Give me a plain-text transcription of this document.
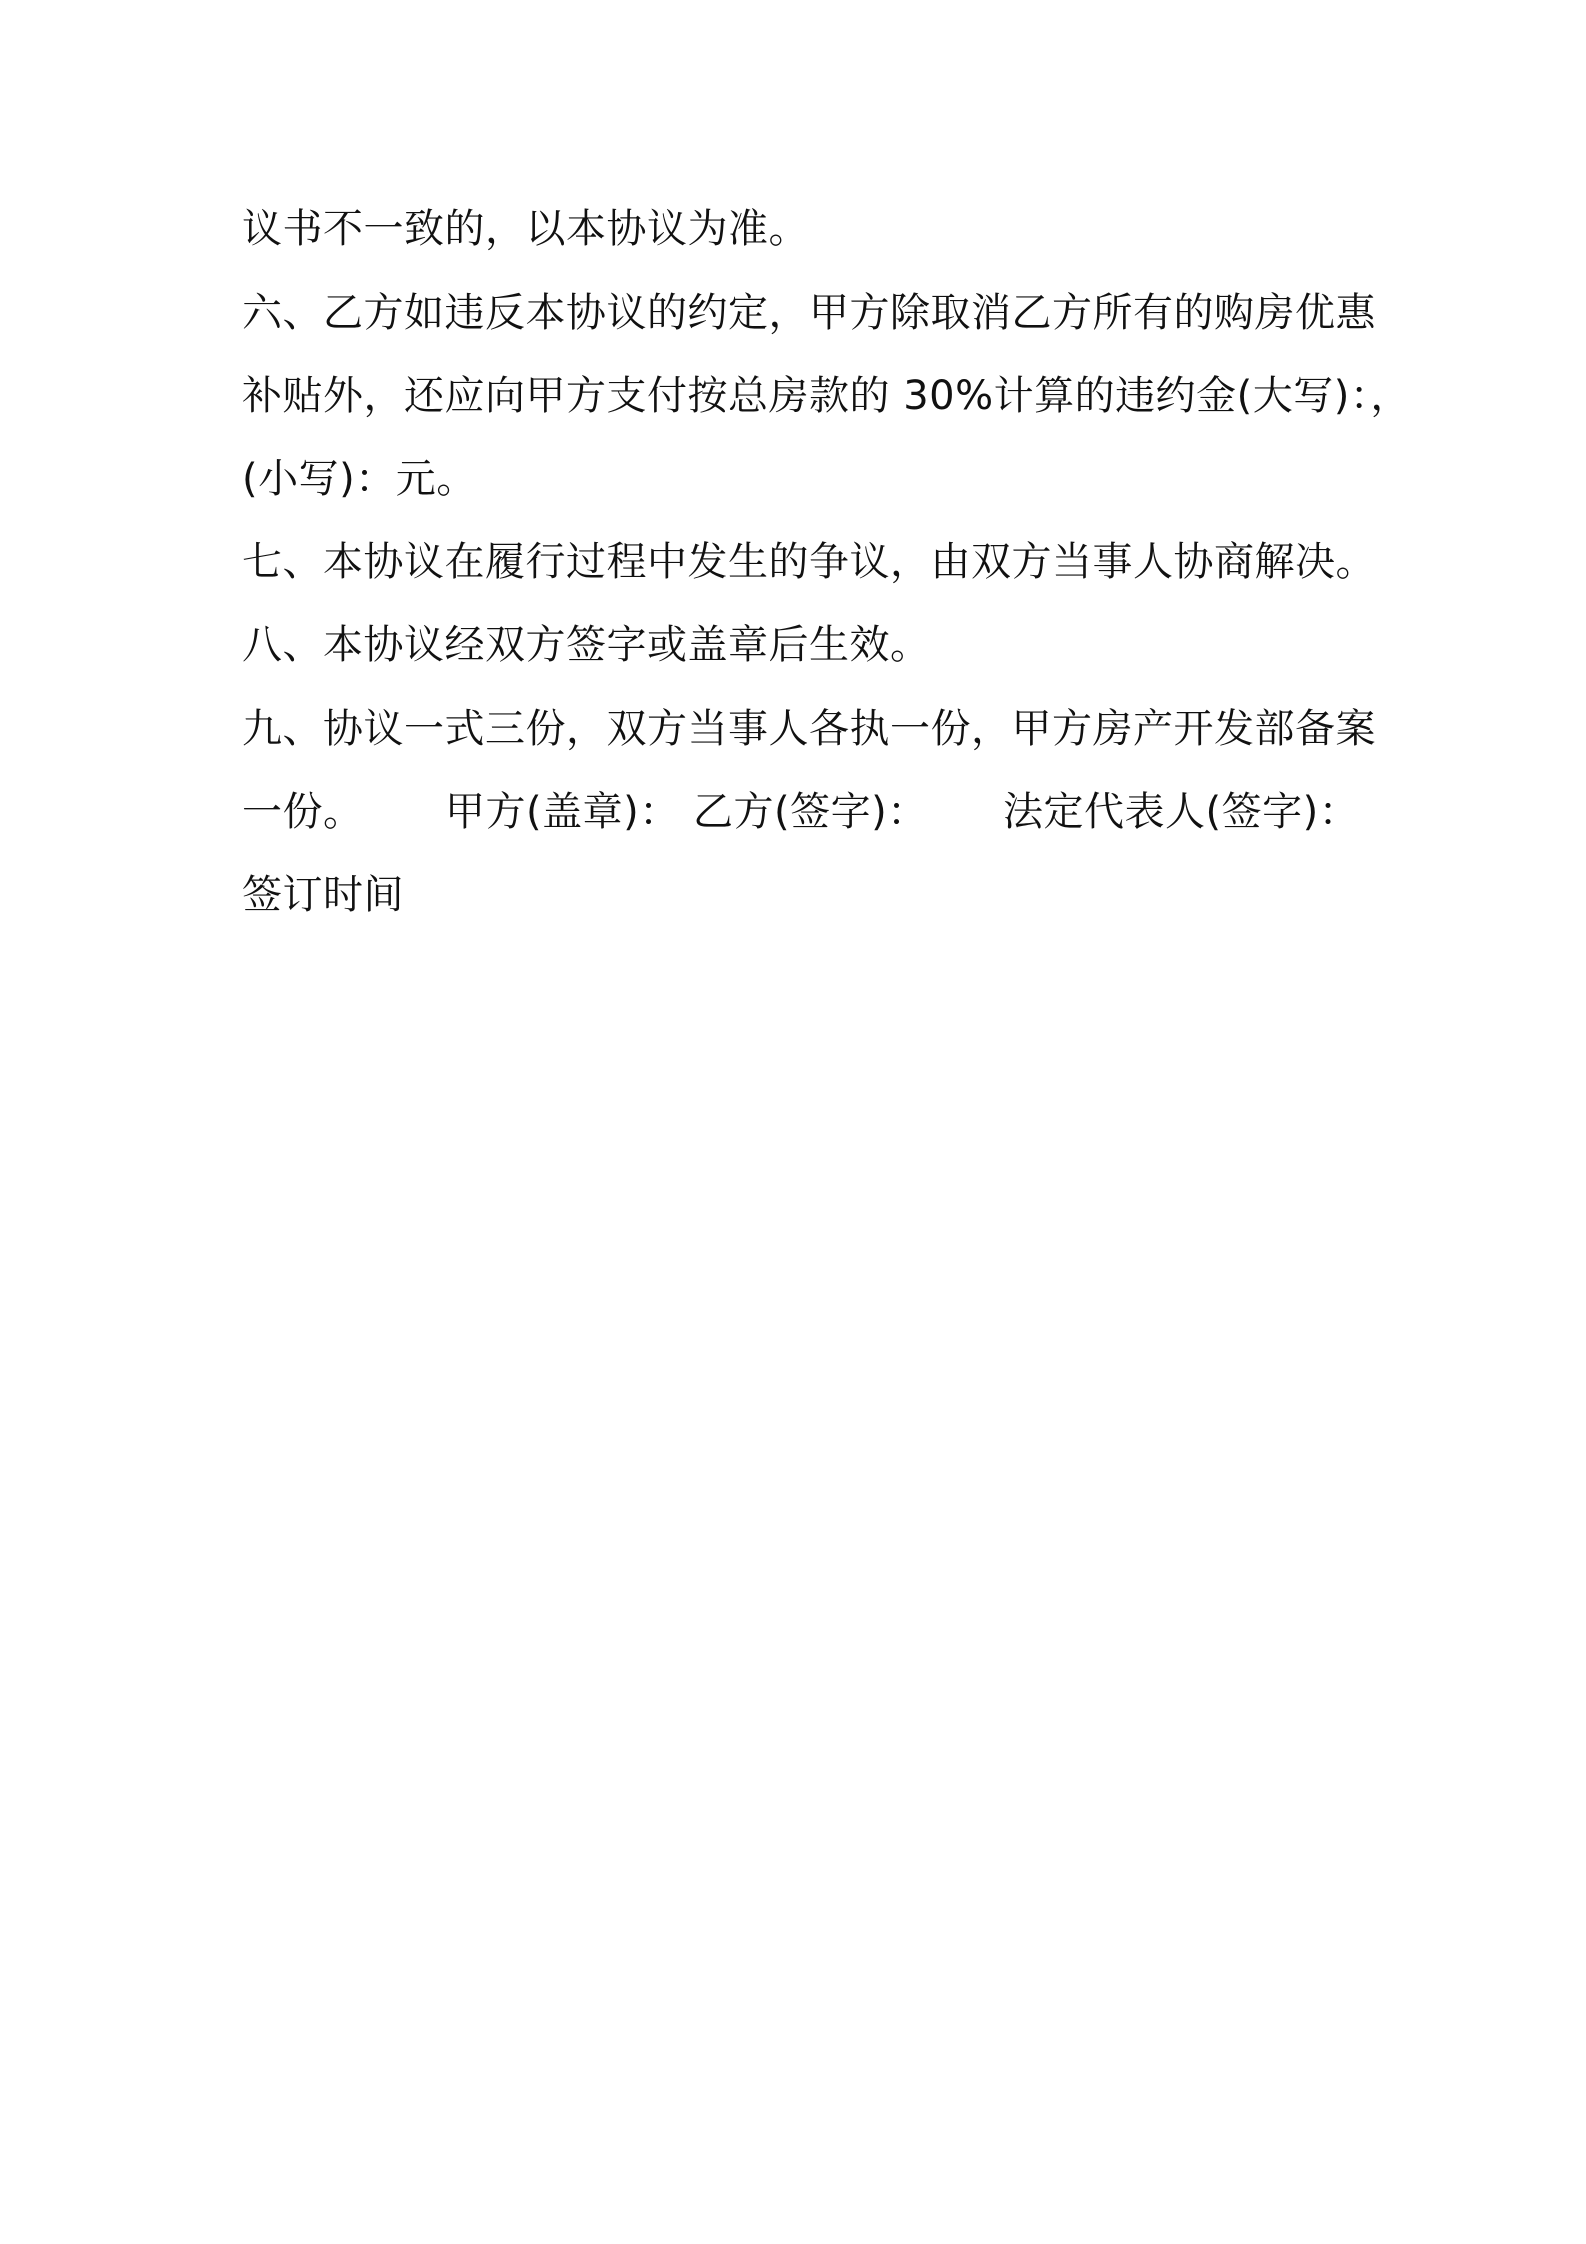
议书不一致的，以本协议为准。
六、乙方如违反本协议的约定，甲方除取消乙方所有的购房优惠
补贴外，还应向甲方支付按总房款的 30%计算的违约金(大写)：，
(小写)：元。
七、本协议在履行过程中发生的争议，由双方当事人协商解决。
八、本协议经双方签字或盖章后生效。
九、协议一式三份，双方当事人各执一份，甲方房产开发部备案
一份。 甲方(盖章)： 乙方(签字)： 法定代表人(签字)：
签订时间
